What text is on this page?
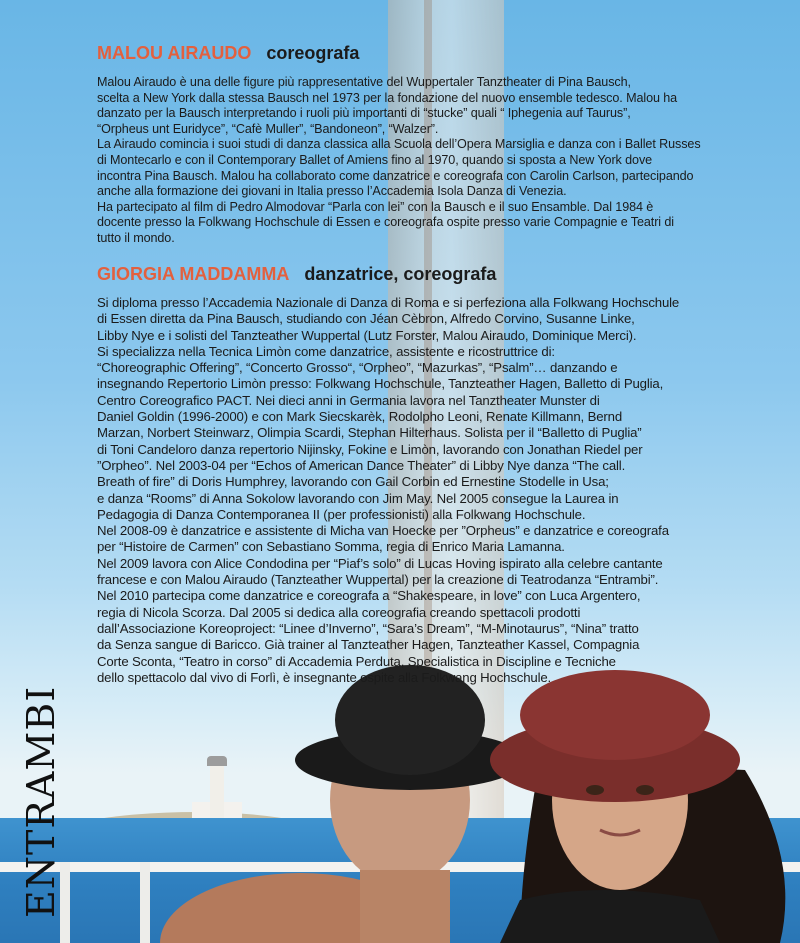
ENTRAMBI
MALOU AIRAUDO coreografa

Malou Airaudo è una delle figure più rappresentative del Wuppertaler Tanztheater di Pina Bausch,

scelta a New York dalla stessa Bausch nel 1973 per la fondazione del nuovo ensemble tedesco. Malou ha

danzato per la Bausch interpretando i ruoli più importanti di “stucke” quali “ Iphegenia auf Taurus”,

“Orpheus unt Euridyce”, “Cafè Muller”, “Bandoneon”, “Walzer”.

La Airaudo comincia i suoi studi di danza classica alla Scuola dell’Opera Marsiglia e danza con i Ballet Russes

di Montecarlo e con il Contemporary Ballet of Amiens fino al 1970, quando si sposta a New York dove

incontra Pina Bausch. Malou ha collaborato come danzatrice e coreografa con Carolin Carlson, partecipando

anche alla formazione dei giovani in Italia presso l’Accademia Isola Danza di Venezia.

Ha partecipato al film di Pedro Almodovar “Parla con lei” con la Bausch e il suo Ensamble. Dal 1984 è

docente presso la Folkwang Hochschule di Essen e coreografa ospite presso varie Compagnie e Teatri di

tutto il mondo.

GIORGIA MADDAMMA danzatrice, coreografa

Si diploma presso l’Accademia Nazionale di Danza di Roma e si perfeziona alla Folkwang Hochschule

di Essen diretta da Pina Bausch, studiando con Jéan Cèbron, Alfredo Corvino, Susanne Linke,

Libby Nye e i solisti del Tanzteather Wuppertal (Lutz Forster, Malou Airaudo, Dominique Merci).

Si specializza nella Tecnica Limòn come danzatrice, assistente e ricostruttrice di:

“Choreographic Offering”, “Concerto Grosso“, “Orpheo”, “Mazurkas”, “Psalm”… danzando e

insegnando Repertorio Limòn presso: Folkwang Hochschule, Tanzteather Hagen, Balletto di Puglia,

Centro Coreografico PACT. Nei dieci anni in Germania lavora nel Tanztheater Munster di

Daniel Goldin (1996-2000) e con Mark Siecskarèk, Rodolpho Leoni, Renate Killmann, Bernd

Marzan, Norbert Steinwarz, Olimpia Scardi, Stephan Hilterhaus. Solista per il “Balletto di Puglia”

di Toni Candeloro danza repertorio Nijinsky, Fokine e Limòn, lavorando con Jonathan Riedel per

”Orpheo”. Nel 2003-04 per “Echos of American Dance Theater” di Libby Nye danza “The call.

Breath of fire” di Doris Humphrey, lavorando con Gail Corbin ed Ernestine Stodelle in Usa;

e danza “Rooms” di Anna Sokolow lavorando con Jim May. Nel 2005 consegue la Laurea in

Pedagogia di Danza Contemporanea II (per professionisti) alla Folkwang Hochschule.

Nel 2008-09 è danzatrice e assistente di Micha van Hoecke per ”Orpheus” e danzatrice e coreografa

per “Histoire de Carmen” con Sebastiano Somma, regia di Enrico Maria Lamanna.

Nel 2009 lavora con Alice Condodina per “Piaf’s solo” di Lucas Hoving ispirato alla celebre cantante

francese e con Malou Airaudo (Tanzteather Wuppertal) per la creazione di Teatrodanza “Entrambi”.

Nel 2010 partecipa come danzatrice e coreografa a “Shakespeare, in love” con Luca Argentero,

regia di Nicola Scorza. Dal 2005 si dedica alla coreografia creando spettacoli prodotti

dall’Associazione Koreoproject: “Linee d’Inverno”, “Sara’s Dream”, “M-Minotaurus”, “Nina” tratto

da Senza sangue di Baricco. Già trainer al Tanzteather Hagen, Tanzteather Kassel, Compagnia

Corte Sconta, “Teatro in corso” di Accademia Perduta, Specialistica in Discipline e Tecniche

dello spettacolo dal vivo di Forlì, è insegnante ospite alla Folkwang Hochschule.
